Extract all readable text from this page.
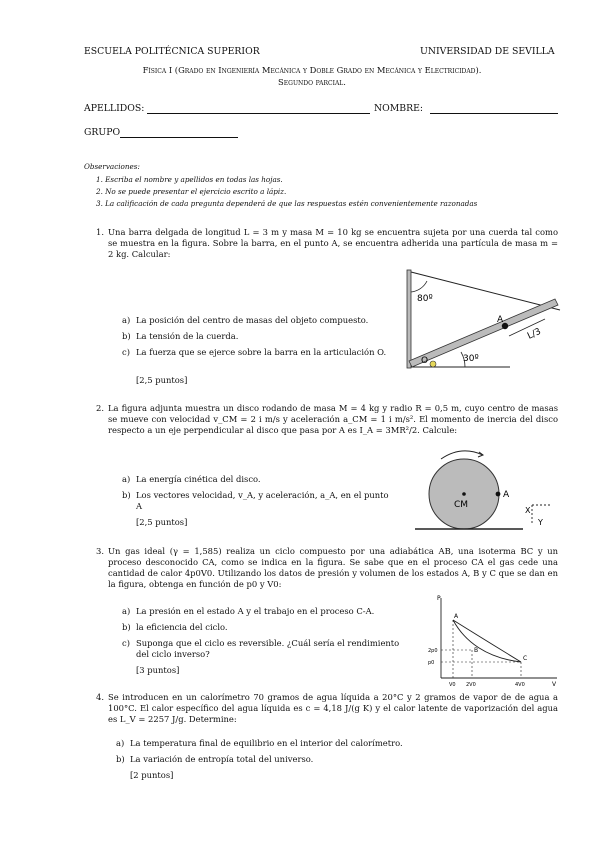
ESCUELA POLITÉCNICA SUPERIOR	UNIVERSIDAD DE SEVILLA
Física I (Grado en Ingeniería Mecánica y Doble Grado en Mecánica y Electricidad).
Segundo parcial.
APELLIDOS:	NOMBRE:
GRUPO
Observaciones:
1. Escriba el nombre y apellidos en todas las hojas.
2. No se puede presentar el ejercicio escrito a lápiz.
3. La calificación de cada pregunta dependerá de que las respuestas estén convenientemente razonadas
1. Una barra delgada de longitud L = 3 m y masa M = 10 kg se encuentra sujeta por una cuerda tal como se muestra en la figura. Sobre la barra, en el punto A, se encuentra adherida una partícula de masa m = 2 kg. Calcular:
a) La posición del centro de masas del objeto compuesto.
b) La tensión de la cuerda.
c) La fuerza que se ejerce sobre la barra en la articulación O.
[2,5 puntos]
80º
A
L/3
O	30º
2. La figura adjunta muestra un disco rodando de masa M = 4 kg y radio R = 0,5 m, cuyo centro de masas se mueve con velocidad v_CM = 2 i m/s y aceleración a_CM = 1 i m/s². El momento de inercia del disco respecto a un eje perpendicular al disco que pasa por A es I_A = 3MR²/2. Calcule:
a) La energía cinética del disco.
b) Los vectores velocidad, v_A, y aceleración, a_A, en el punto A
[2,5 puntos]
CM
A
X
Y
3. Un gas ideal (γ = 1,585) realiza un ciclo compuesto por una adiabática AB, una isoterma BC y un proceso desconocido CA, como se indica en la figura. Se sabe que en el proceso CA el gas cede una cantidad de calor 4p0V0. Utilizando los datos de presión y volumen de los estados A, B y C que se dan en la figura, obtenga en función de p0 y V0:
a) La presión en el estado A y el trabajo en el proceso C-A.
b) la eficiencia del ciclo.
c) Suponga que el ciclo es reversible. ¿Cuál sería el rendimiento del ciclo inverso?
[3 puntos]
P
V
A
B
C
2p0
p0
V0 2V0	4V0
4. Se introducen en un calorímetro 70 gramos de agua líquida a 20°C y 2 gramos de vapor de de agua a 100°C. El calor específico del agua líquida es c = 4,18 J/(g K) y el calor latente de vaporización del agua es L_V = 2257 J/g. Determine:
a) La temperatura final de equilibrio en el interior del calorímetro.
b) La variación de entropía total del universo.
[2 puntos]
